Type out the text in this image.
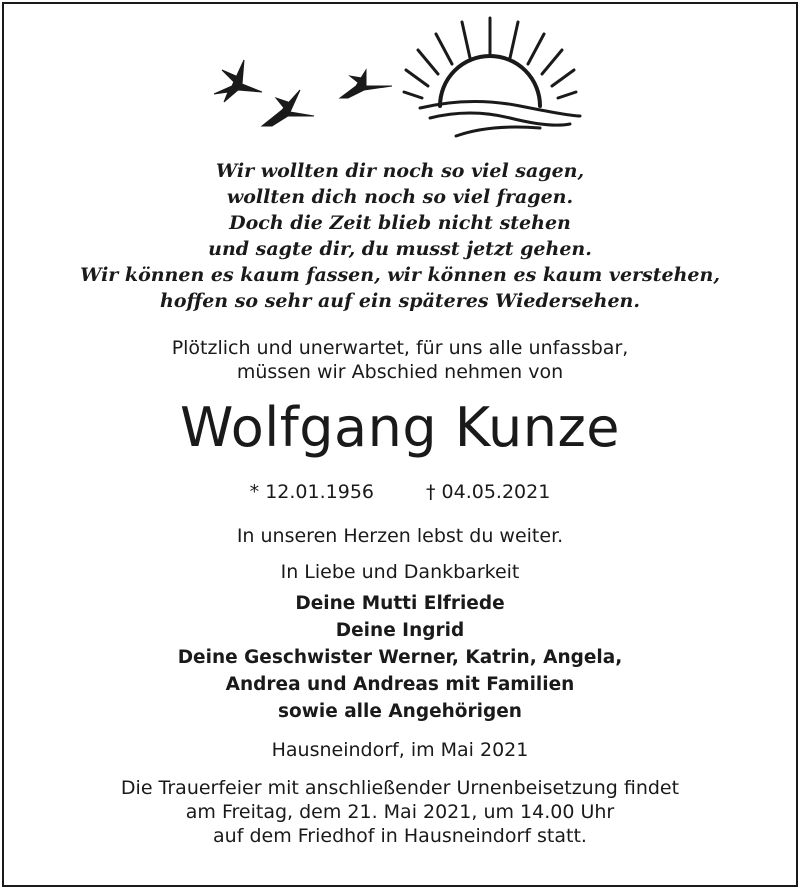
Wir wollten dir noch so viel sagen,
wollten dich noch so viel fragen.
Doch die Zeit blieb nicht stehen
und sagte dir, du musst jetzt gehen.
Wir können es kaum fassen, wir können es kaum verstehen,
hoffen so sehr auf ein späteres Wiedersehen.
Plötzlich und unerwartet, für uns alle unfassbar,
müssen wir Abschied nehmen von
Wolfgang Kunze
* 12.01.1956	† 04.05.2021
In unseren Herzen lebst du weiter.
In Liebe und Dankbarkeit
Deine Mutti Elfriede
Deine Ingrid
Deine Geschwister Werner, Katrin, Angela,
Andrea und Andreas mit Familien
sowie alle Angehörigen
Hausneindorf, im Mai 2021
Die Trauerfeier mit anschließender Urnenbeisetzung findet
am Freitag, dem 21. Mai 2021, um 14.00 Uhr
auf dem Friedhof in Hausneindorf statt.
